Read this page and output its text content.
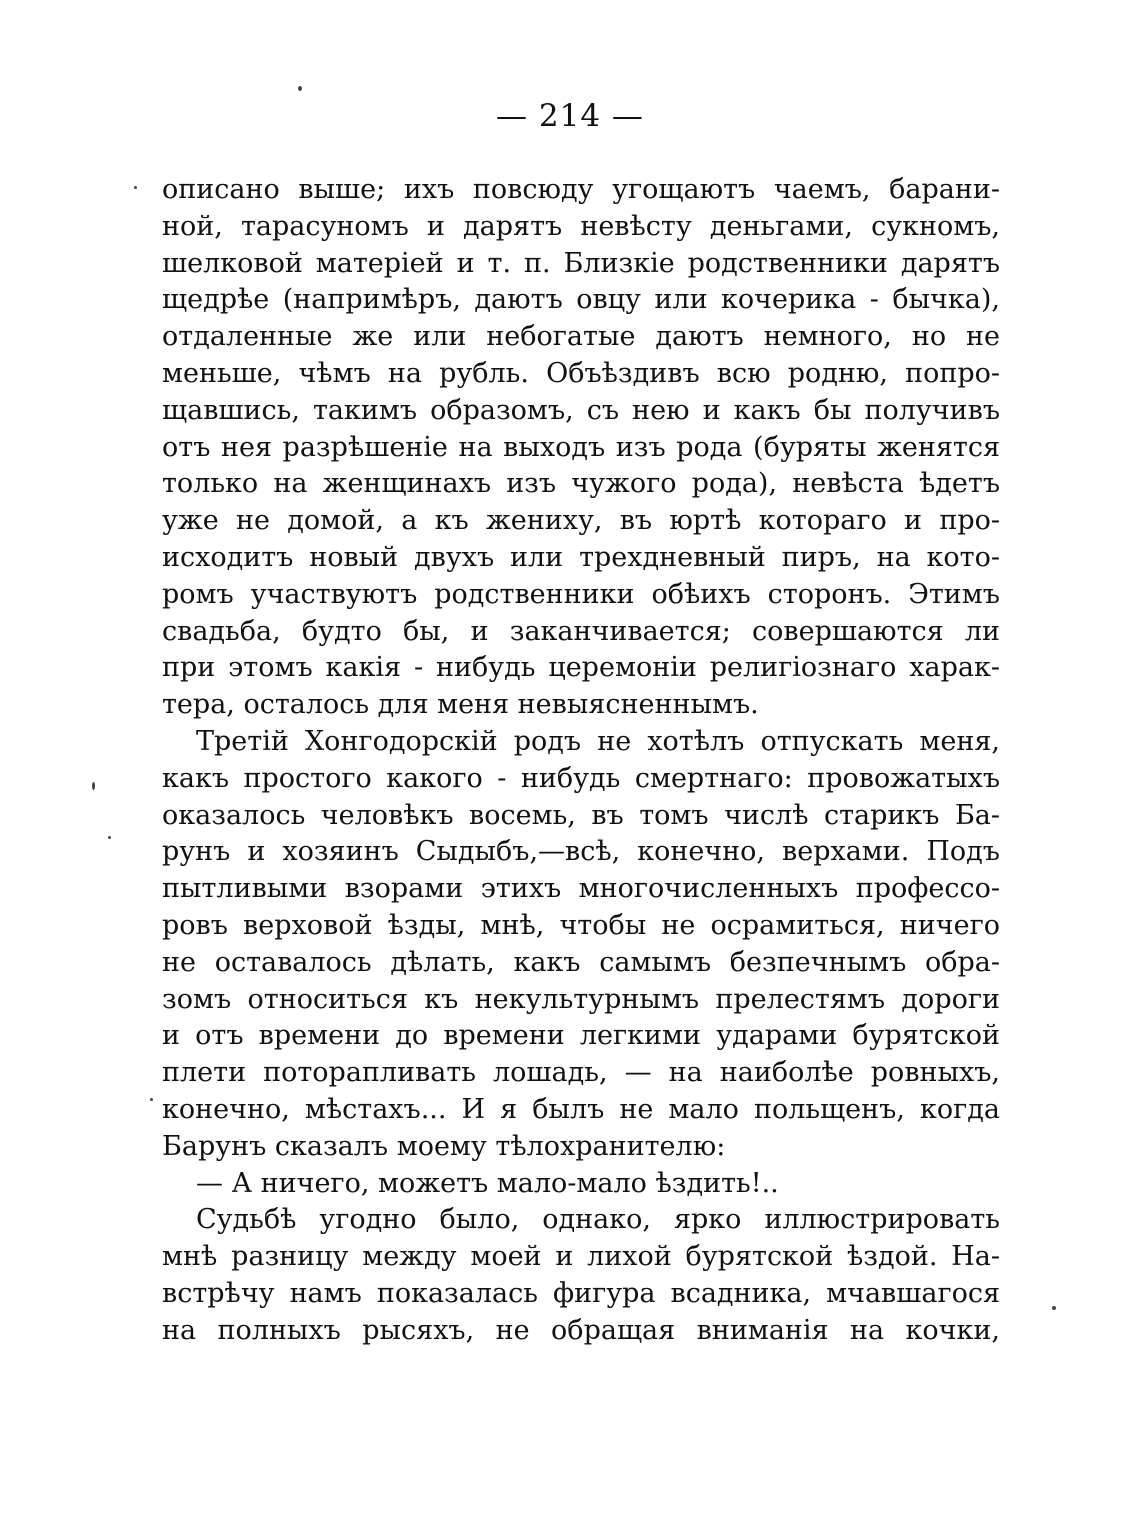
— 214 —
описано выше; ихъ повсюду угощаютъ чаемъ, барани-
ной, тарасуномъ и дарятъ невѣсту деньгами, сукномъ,
шелковой матеріей и т. п. Близкіе родственники дарятъ
щедрѣе (напримѣръ, даютъ овцу или кочерика - бычка),
отдаленные же или небогатые даютъ немного, но не
меньше, чѣмъ на рубль. Объѣздивъ всю родню, попро-
щавшись, такимъ образомъ, съ нею и какъ бы получивъ
отъ нея разрѣшеніе на выходъ изъ рода (буряты женятся
только на женщинахъ изъ чужого рода), невѣста ѣдетъ
уже не домой, а къ жениху, въ юртѣ котораго и про-
исходитъ новый двухъ или трехдневный пиръ, на кото-
ромъ участвуютъ родственники обѣихъ сторонъ. Этимъ
свадьба, будто бы, и заканчивается; совершаются ли
при этомъ какія - нибудь церемоніи религіознаго харак-
тера, осталось для меня невыясненнымъ.
Третій Хонгодорскій родъ не хотѣлъ отпускать меня,
какъ простого какого - нибудь смертнаго: провожатыхъ
оказалось человѣкъ восемь, въ томъ числѣ старикъ Ба-
рунъ и хозяинъ Сыдыбъ,—всѣ, конечно, верхами. Подъ
пытливыми взорами этихъ многочисленныхъ профессо-
ровъ верховой ѣзды, мнѣ, чтобы не осрамиться, ничего
не оставалось дѣлать, какъ самымъ безпечнымъ обра-
зомъ относиться къ некультурнымъ прелестямъ дороги
и отъ времени до времени легкими ударами бурятской
плети поторапливать лошадь, — на наиболѣе ровныхъ,
конечно, мѣстахъ... И я былъ не мало польщенъ, когда
Барунъ сказалъ моему тѣлохранителю:
— А ничего, можетъ мало-мало ѣздить!..
Судьбѣ угодно было, однако, ярко иллюстрировать
мнѣ разницу между моей и лихой бурятской ѣздой. На-
встрѣчу намъ показалась фигура всадника, мчавшагося
на полныхъ рысяхъ, не обращая вниманія на кочки,
